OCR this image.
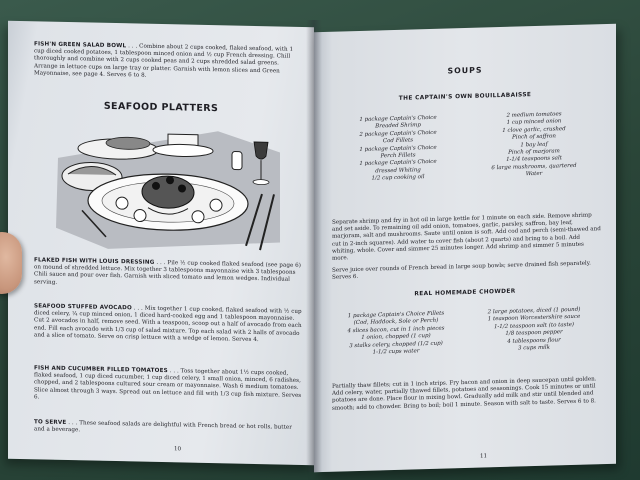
FISH'N GREEN SALAD BOWL . . . Combine about 2 cups cooked, flaked seafood, with 1 cup diced cooked potatoes, 1 tablespoon minced onion and ½ cup French dressing. Chill thoroughly and combine with 2 cups cooked peas and 2 cups shredded salad greens. Arrange in lettuce cups on large tray or platter. Garnish with lemon slices and Green Mayonnaise, see page 4. Serves 6 to 8.
SEAFOOD PLATTERS
FLAKED FISH WITH LOUIS DRESSING . . . Pile ½ cup cooked flaked seafood (see page 6) on mound of shredded lettuce. Mix together 3 tablespoons mayonnaise with 3 tablespoons Chili sauce and pour over fish. Garnish with sliced tomato and lemon wedges. Individual serving.
SEAFOOD STUFFED AVOCADO . . . Mix together 1 cup cooked, flaked seafood with ½ cup diced celery, ¼ cup minced onion, 1 diced hard-cooked egg and 1 tablespoon mayonnaise. Cut 2 avocados in half, remove seed. With a teaspoon, scoop out a half of avocado from each end. Fill each avocado with 1/3 cup of salad mixture. Top each salad with 2 halls of avocado and a slice of tomato. Serve on crisp lettuce with a wedge of lemon. Serves 4.
FISH AND CUCUMBER FILLED TOMATOES . . . Toss together about 1½ cups cooked, flaked seafood, 1 cup diced cucumber, 1 cup diced celery, 1 small onion, minced, 6 radishes, chopped, and 2 tablespoons cultured sour cream or mayonnaise. Wash 6 medium tomatoes. Slice almost through 3 ways. Spread out on lettuce and fill with 1/3 cup fish mixture. Serves 6.
TO SERVE . . . These seafood salads are delightful with French bread or hot rolls, butter and a beverage.
10
SOUPS
THE CAPTAIN'S OWN BOUILLABAISSE
1 package Captain's Choice
Breaded Shrimp
2 package Captain's Choice
Cod Fillets
1 package Captain's Choice
Perch Fillets
1 package Captain's Choice
dressed Whiting
1/2 cup cooking oil
2 medium tomatoes
1 cup minced onion
1 clove garlic, crushed
Pinch of saffron
1 bay leaf
Pinch of marjoram
1-1/4 teaspoons salt
6 large mushrooms, quartered
Water
Separate shrimp and fry in hot oil in large kettle for 1 minute on each side. Remove shrimp and set aside. To remaining oil add onion, tomatoes, garlic, parsley, saffron, bay leaf, marjoram, salt and mushrooms. Saute until onion is soft. Add cod and perch (semi-thawed and cut in 2-inch squares). Add water to cover fish (about 2 quarts) and bring to a boil. Add whiting, whole. Cover and simmer 25 minutes longer. Add shrimp and simmer 5 minutes more.
Serve juice over rounds of French bread in large soup bowls; serve drained fish separately. Serves 6.
REAL HOMEMADE CHOWDER
1 package Captain's Choice Fillets
(Cod, Haddock, Sole or Perch)
4 slices bacon, cut in 1 inch pieces
1 onion, chopped (1 cup)
3 stalks celery, chopped (1/2 cup)
1-1/2 cups water
2 large potatoes, diced (1 pound)
1 teaspoon Worcestershire sauce
1-1/2 teaspoon salt (to taste)
1/8 teaspoon pepper
4 tablespoons flour
3 cups milk
Partially thaw fillets; cut in 1 inch strips. Fry bacon and onion in deep saucepan until golden. Add celery, water, partially thawed fillets, potatoes and seasonings. Cook 15 minutes or until potatoes are done. Place flour in mixing bowl. Gradually add milk and stir until blended and smooth; add to chowder. Bring to boil; boil 1 minute. Season with salt to taste. Serves 6 to 8.
11
